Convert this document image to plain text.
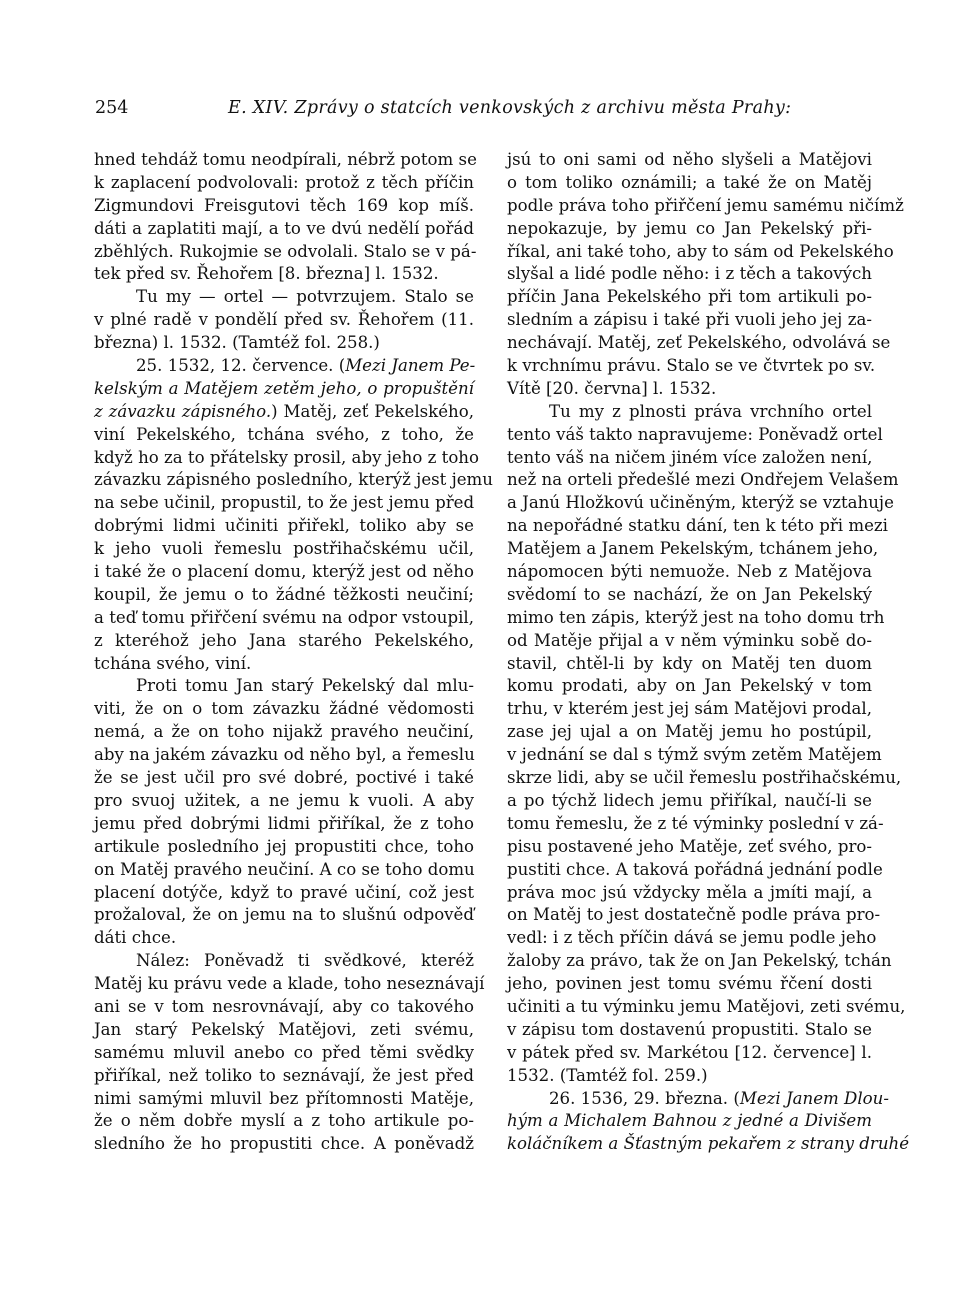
254	E. XIV. Zprávy o statcích venkovských z archivu města Prahy:
hned tehdáž tomu neodpírali, nébrž potom se
k zaplacení podvolovali: protož z těch příčin
Zigmundovi Freisgutovi těch 169 kop míš.
dáti a zaplatiti mají, a to ve dvú nedělí pořád
zběhlých. Rukojmie se odvolali. Stalo se v pá-
tek před sv. Řehořem [8. března] l. 1532.
Tu my — ortel — potvrzujem. Stalo se
v plné radě v pondělí před sv. Řehořem (11.
března) l. 1532. (Tamtéž fol. 258.)
25. 1532, 12. července. (Mezi Janem Pe-
kelským a Matějem zetěm jeho, o propuštění
z závazku zápisného.) Matěj, zeť Pekelského,
viní Pekelského, tchána svého, z toho, že
když ho za to přátelsky prosil, aby jeho z toho
závazku zápisného posledního, kterýž jest jemu
na sebe učinil, propustil, to že jest jemu před
dobrými lidmi učiniti přiřekl, toliko aby se
k jeho vuoli řemeslu postřihačskému učil,
i také že o placení domu, kterýž jest od něho
koupil, že jemu o to žádné těžkosti neučiní;
a teď tomu přiřčení svému na odpor vstoupil,
z kteréhož jeho Jana starého Pekelského,
tchána svého, viní.
Proti tomu Jan starý Pekelský dal mlu-
viti, že on o tom závazku žádné vědomosti
nemá, a že on toho nijakž pravého neučiní,
aby na jakém závazku od něho byl, a řemeslu
že se jest učil pro své dobré, poctivé i také
pro svuoj užitek, a ne jemu k vuoli. A aby
jemu před dobrými lidmi přiříkal, že z toho
artikule posledního jej propustiti chce, toho
on Matěj pravého neučiní. A co se toho domu
placení dotýče, když to pravé učiní, což jest
prožaloval, že on jemu na to slušnú odpověď
dáti chce.
Nález: Poněvadž ti svědkové, kteréž
Matěj ku právu vede a klade, toho neseznávají
ani se v tom nesrovnávají, aby co takového
Jan starý Pekelský Matějovi, zeti svému,
samému mluvil anebo co před těmi svědky
přiříkal, než toliko to seznávají, že jest před
nimi samými mluvil bez přítomnosti Matěje,
že o něm dobře myslí a z toho artikule po-
sledního že ho propustiti chce. A poněvadž
jsú to oni sami od něho slyšeli a Matějovi
o tom toliko oznámili; a také že on Matěj
podle práva toho přiřčení jemu samému ničímž
nepokazuje, by jemu co Jan Pekelský při-
říkal, ani také toho, aby to sám od Pekelského
slyšal a lidé podle něho: i z těch a takových
příčin Jana Pekelského při tom artikuli po-
sledním a zápisu i také při vuoli jeho jej za-
nechávají. Matěj, zeť Pekelského, odvolává se
k vrchnímu právu. Stalo se ve čtvrtek po sv.
Vítě [20. června] l. 1532.
Tu my z plnosti práva vrchního ortel
tento váš takto napravujeme: Poněvadž ortel
tento váš na ničem jiném více založen není,
než na orteli předešlé mezi Ondřejem Velašem
a Janú Hložkovú učiněným, kterýž se vztahuje
na nepořádné statku dání, ten k této při mezi
Matějem a Janem Pekelským, tchánem jeho,
nápomocen býti nemuože. Neb z Matějova
svědomí to se nachází, že on Jan Pekelský
mimo ten zápis, kterýž jest na toho domu trh
od Matěje přijal a v něm výminku sobě do-
stavil, chtěl-li by kdy on Matěj ten duom
komu prodati, aby on Jan Pekelský v tom
trhu, v kterém jest jej sám Matějovi prodal,
zase jej ujal a on Matěj jemu ho postúpil,
v jednání se dal s týmž svým zetěm Matějem
skrze lidi, aby se učil řemeslu postřihačskému,
a po týchž lidech jemu přiříkal, naučí-li se
tomu řemeslu, že z té výminky poslední v zá-
pisu postavené jeho Matěje, zeť svého, pro-
pustiti chce. A taková pořádná jednání podle
práva moc jsú vždycky měla a jmíti mají, a
on Matěj to jest dostatečně podle práva pro-
vedl: i z těch příčin dává se jemu podle jeho
žaloby za právo, tak že on Jan Pekelský, tchán
jeho, povinen jest tomu svému řčení dosti
učiniti a tu výminku jemu Matějovi, zeti svému,
v zápisu tom dostavenú propustiti. Stalo se
v pátek před sv. Markétou [12. července] l.
1532. (Tamtéž fol. 259.)
26. 1536, 29. března. (Mezi Janem Dlou-
hým a Michalem Bahnou z jedné a Divišem
koláčníkem a Šťastným pekařem z strany druhé
